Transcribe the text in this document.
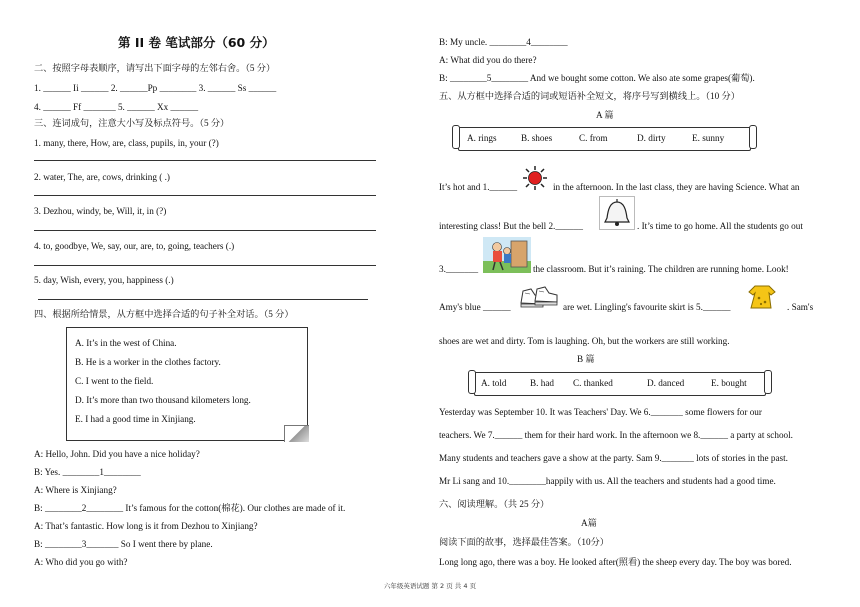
第 II 卷 笔试部分（60 分）
二、按照字母表顺序，请写出下面字母的左邻右舍。（5 分）
1. ______ Ii ______ 2. ______Pp ________ 3. ______ Ss ______
4. ______ Ff _______ 5. ______ Xx ______
三、连词成句，注意大小写及标点符号。（5 分）
1. many, there, How, are, class, pupils, in, your (?)
2. water, The, are, cows, drinking ( .)
3. Dezhou, windy, be, Will, it, in (?)
4. to, goodbye, We, say, our, are, to, going, teachers (.)
5. day, Wish, every, you, happiness (.)
四、根据所给情景，从方框中选择合适的句子补全对话。（5 分）
A. It’s in the west of China.
B. He is a worker in the clothes factory.
C. I went to the field.
D. It’s more than two thousand kilometers long.
E. I had a good time in Xinjiang.
A: Hello, John. Did you have a nice holiday?
B: Yes. ________1________
A: Where is Xinjiang?
B: ________2________ It’s famous for the cotton(棉花). Our clothes are made of it.
A: That’s fantastic. How long is it from Dezhou to Xinjiang?
B: ________3_______ So I went there by plane.
A: Who did you go with?
B: My uncle. ________4________
A: What did you do there?
B: ________5________ And we bought some cotton. We also ate some grapes(葡萄).
五、从方框中选择合适的词或短语补全短文，将序号写到横线上。（10 分）
A 篇
A. rings	B. shoes	C. from	D. dirty	E. sunny
It’s hot and 1.______	in the afternoon. In the last class, they are having Science. What an
interesting class! But the bell 2.______	. It’s time to go home. All the students go out
3._______	the classroom. But it’s raining. The children are running home. Look!
Amy's blue ______	are wet. Lingling's favourite skirt is 5.______	. Sam's
shoes are wet and dirty. Tom is laughing. Oh, but the workers are still working.
B 篇
A. told	B. had C. thanked	D. danced	E. bought
Yesterday was September 10. It was Teachers' Day. We 6._______ some flowers for our
teachers. We 7.______ them for their hard work. In the afternoon we 8.______ a party at school.
Many students and teachers gave a show at the party. Sam 9._______ lots of stories in the past.
Mr Li sang and 10.________happily with us. All the teachers and students had a good time.
六、阅读理解。（共 25 分）
A篇
阅读下面的故事，选择最佳答案。（10分）
Long long ago, there was a boy. He looked after(照看) the sheep every day. The boy was bored.
六年级英语试题 第 2 页 共 4 页
